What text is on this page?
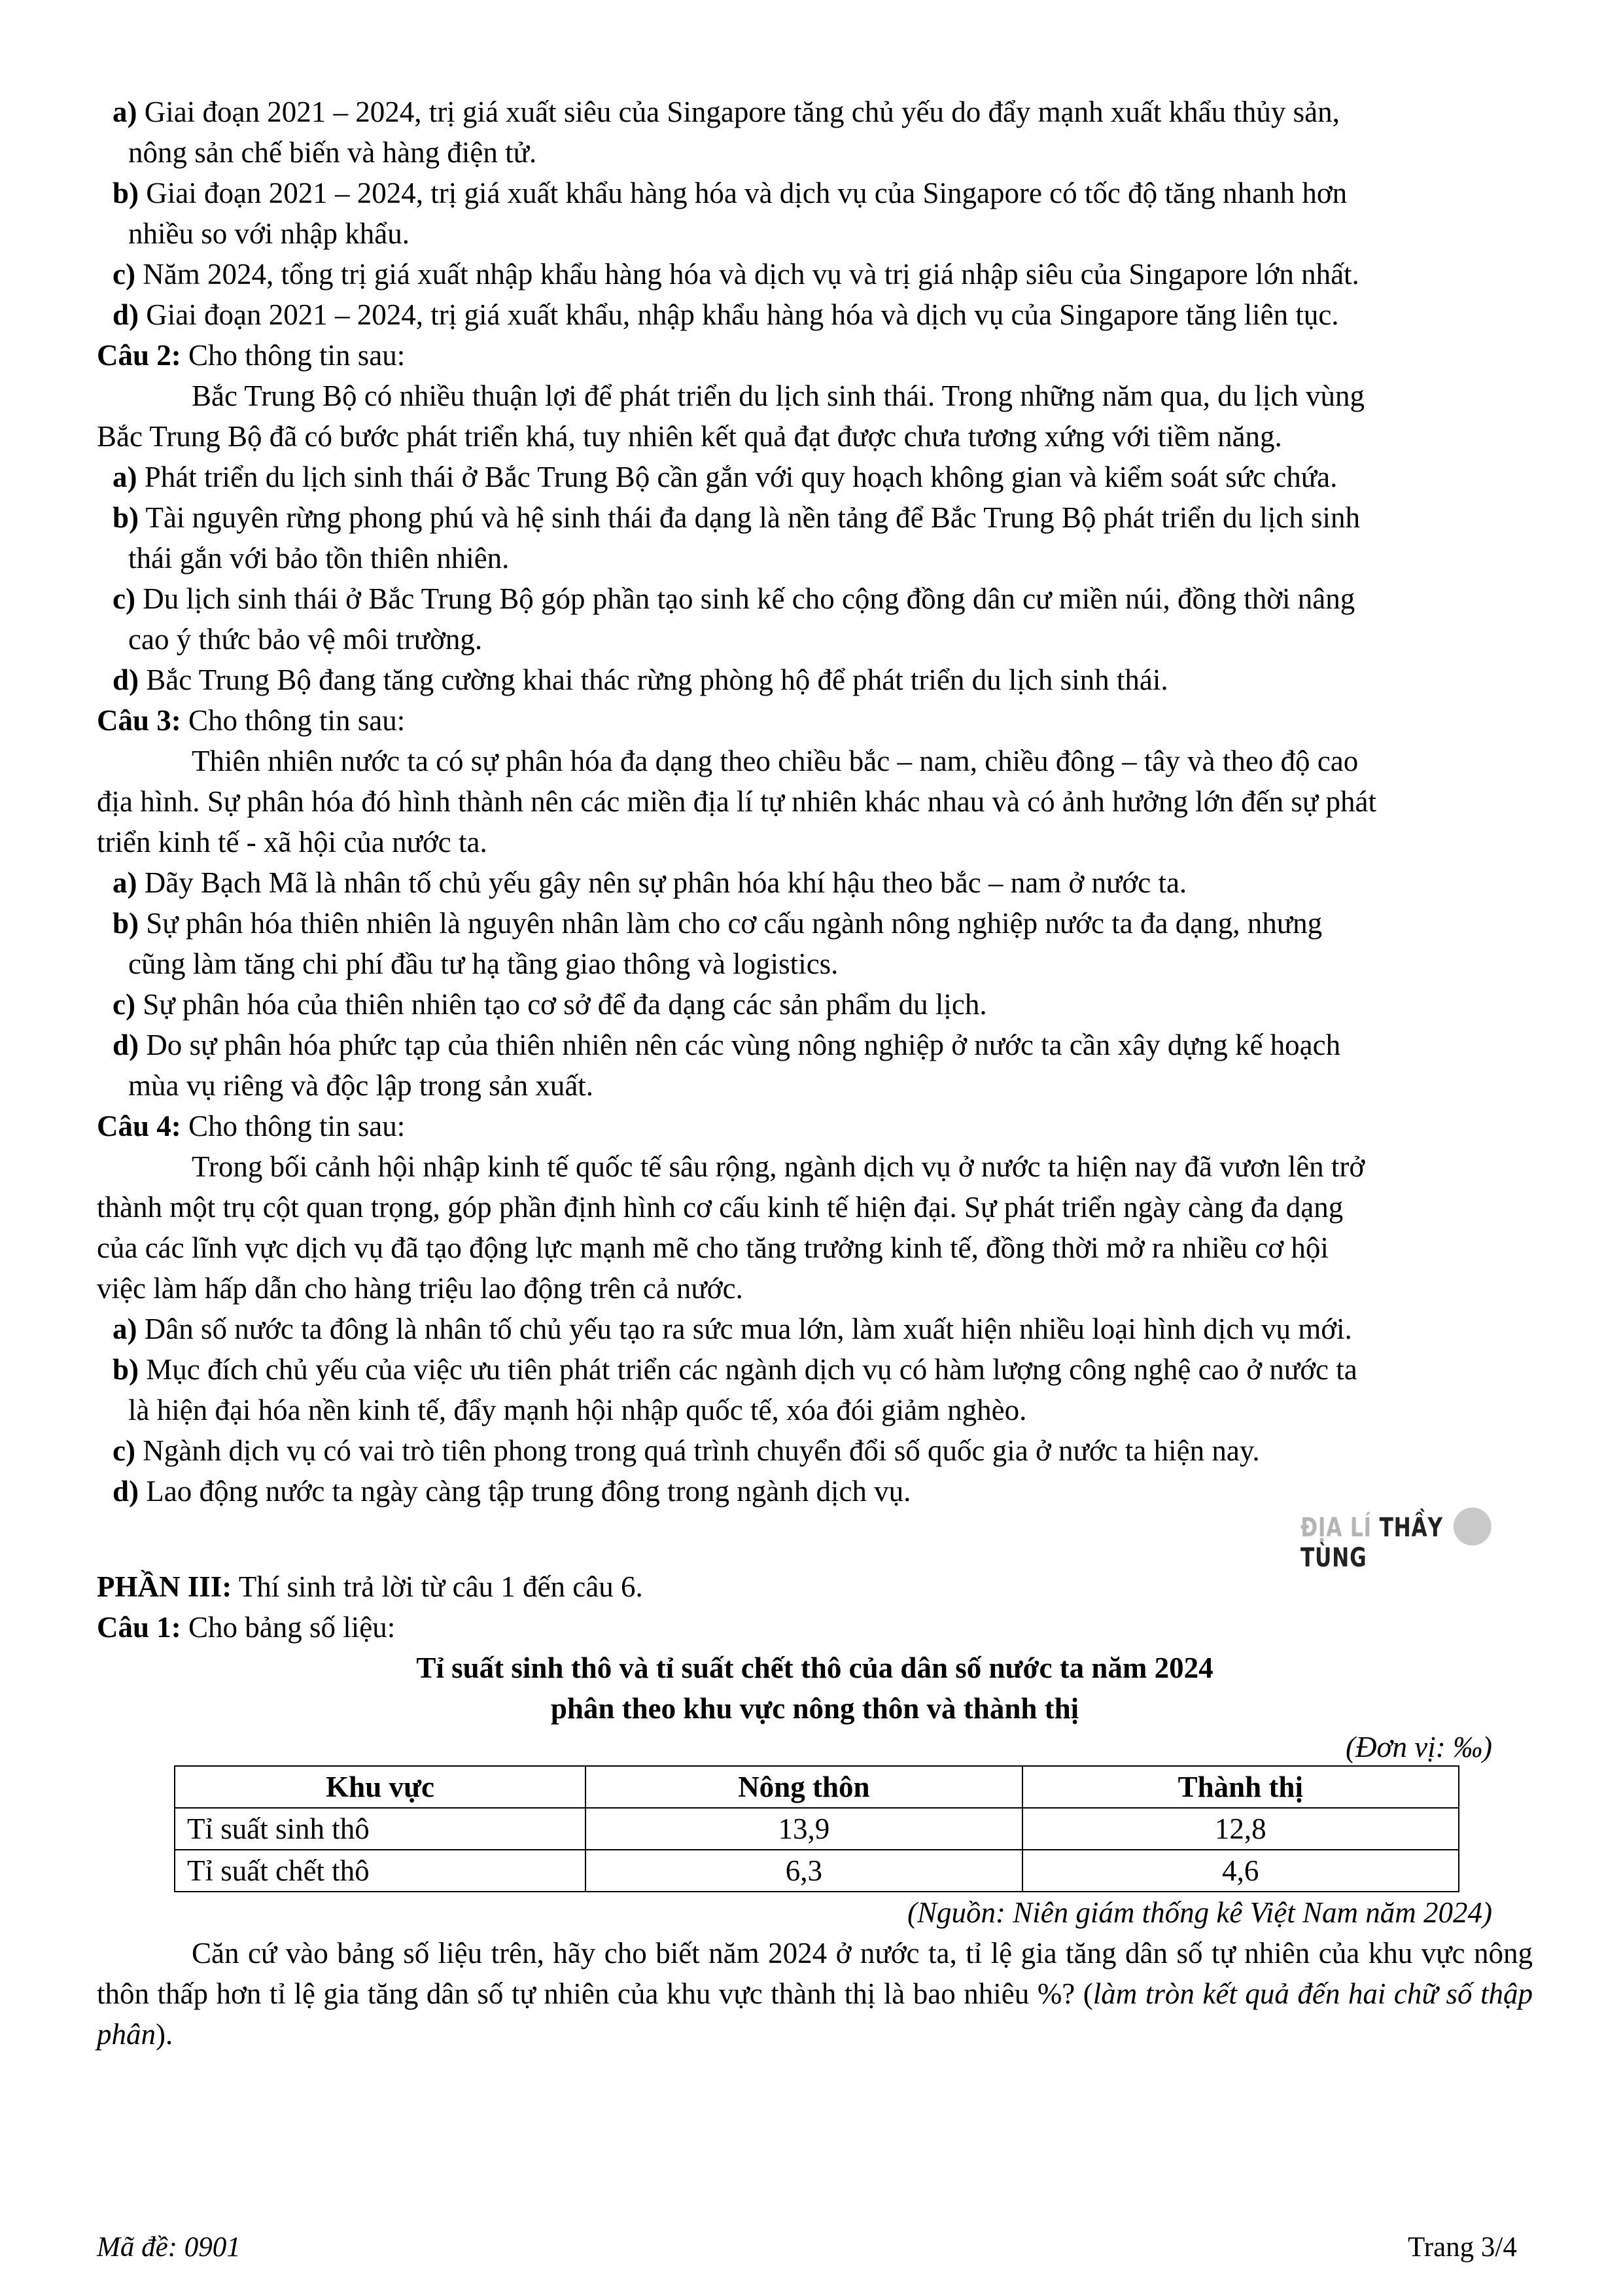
a) Giai đoạn 2021 – 2024, trị giá xuất siêu của Singapore tăng chủ yếu do đẩy mạnh xuất khẩu thủy sản,
nông sản chế biến và hàng điện tử.
b) Giai đoạn 2021 – 2024, trị giá xuất khẩu hàng hóa và dịch vụ của Singapore có tốc độ tăng nhanh hơn
nhiều so với nhập khẩu.
c) Năm 2024, tổng trị giá xuất nhập khẩu hàng hóa và dịch vụ và trị giá nhập siêu của Singapore lớn nhất.
d) Giai đoạn 2021 – 2024, trị giá xuất khẩu, nhập khẩu hàng hóa và dịch vụ của Singapore tăng liên tục.
Câu 2: Cho thông tin sau:
Bắc Trung Bộ có nhiều thuận lợi để phát triển du lịch sinh thái. Trong những năm qua, du lịch vùng
Bắc Trung Bộ đã có bước phát triển khá, tuy nhiên kết quả đạt được chưa tương xứng với tiềm năng.
a) Phát triển du lịch sinh thái ở Bắc Trung Bộ cần gắn với quy hoạch không gian và kiểm soát sức chứa.
b) Tài nguyên rừng phong phú và hệ sinh thái đa dạng là nền tảng để Bắc Trung Bộ phát triển du lịch sinh
thái gắn với bảo tồn thiên nhiên.
c) Du lịch sinh thái ở Bắc Trung Bộ góp phần tạo sinh kế cho cộng đồng dân cư miền núi, đồng thời nâng
cao ý thức bảo vệ môi trường.
d) Bắc Trung Bộ đang tăng cường khai thác rừng phòng hộ để phát triển du lịch sinh thái.
Câu 3: Cho thông tin sau:
Thiên nhiên nước ta có sự phân hóa đa dạng theo chiều bắc – nam, chiều đông – tây và theo độ cao
địa hình. Sự phân hóa đó hình thành nên các miền địa lí tự nhiên khác nhau và có ảnh hưởng lớn đến sự phát
triển kinh tế - xã hội của nước ta.
a) Dãy Bạch Mã là nhân tố chủ yếu gây nên sự phân hóa khí hậu theo bắc – nam ở nước ta.
b) Sự phân hóa thiên nhiên là nguyên nhân làm cho cơ cấu ngành nông nghiệp nước ta đa dạng, nhưng
cũng làm tăng chi phí đầu tư hạ tầng giao thông và logistics.
c) Sự phân hóa của thiên nhiên tạo cơ sở để đa dạng các sản phẩm du lịch.
d) Do sự phân hóa phức tạp của thiên nhiên nên các vùng nông nghiệp ở nước ta cần xây dựng kế hoạch
mùa vụ riêng và độc lập trong sản xuất.
Câu 4: Cho thông tin sau:
Trong bối cảnh hội nhập kinh tế quốc tế sâu rộng, ngành dịch vụ ở nước ta hiện nay đã vươn lên trở
thành một trụ cột quan trọng, góp phần định hình cơ cấu kinh tế hiện đại. Sự phát triển ngày càng đa dạng
của các lĩnh vực dịch vụ đã tạo động lực mạnh mẽ cho tăng trưởng kinh tế, đồng thời mở ra nhiều cơ hội
việc làm hấp dẫn cho hàng triệu lao động trên cả nước.
a) Dân số nước ta đông là nhân tố chủ yếu tạo ra sức mua lớn, làm xuất hiện nhiều loại hình dịch vụ mới.
b) Mục đích chủ yếu của việc ưu tiên phát triển các ngành dịch vụ có hàm lượng công nghệ cao ở nước ta
là hiện đại hóa nền kinh tế, đẩy mạnh hội nhập quốc tế, xóa đói giảm nghèo.
c) Ngành dịch vụ có vai trò tiên phong trong quá trình chuyển đổi số quốc gia ở nước ta hiện nay.
d) Lao động nước ta ngày càng tập trung đông trong ngành dịch vụ.
PHẦN III: Thí sinh trả lời từ câu 1 đến câu 6.
Câu 1: Cho bảng số liệu:
Tỉ suất sinh thô và tỉ suất chết thô của dân số nước ta năm 2024
phân theo khu vực nông thôn và thành thị
(Đơn vị: ‰)
Khu vực	Nông thôn	Thành thị
Tỉ suất sinh thô	13,9	12,8
Tỉ suất chết thô	6,3	4,6
(Nguồn: Niên giám thống kê Việt Nam năm 2024)
Căn cứ vào bảng số liệu trên, hãy cho biết năm 2024 ở nước ta, tỉ lệ gia tăng dân số tự nhiên của khu vực nông thôn thấp hơn tỉ lệ gia tăng dân số tự nhiên của khu vực thành thị là bao nhiêu %? (làm tròn kết quả đến hai chữ số thập phân).
ĐỊA LÍ THẦY TÙNG
Mã đề: 0901	Trang 3/4
